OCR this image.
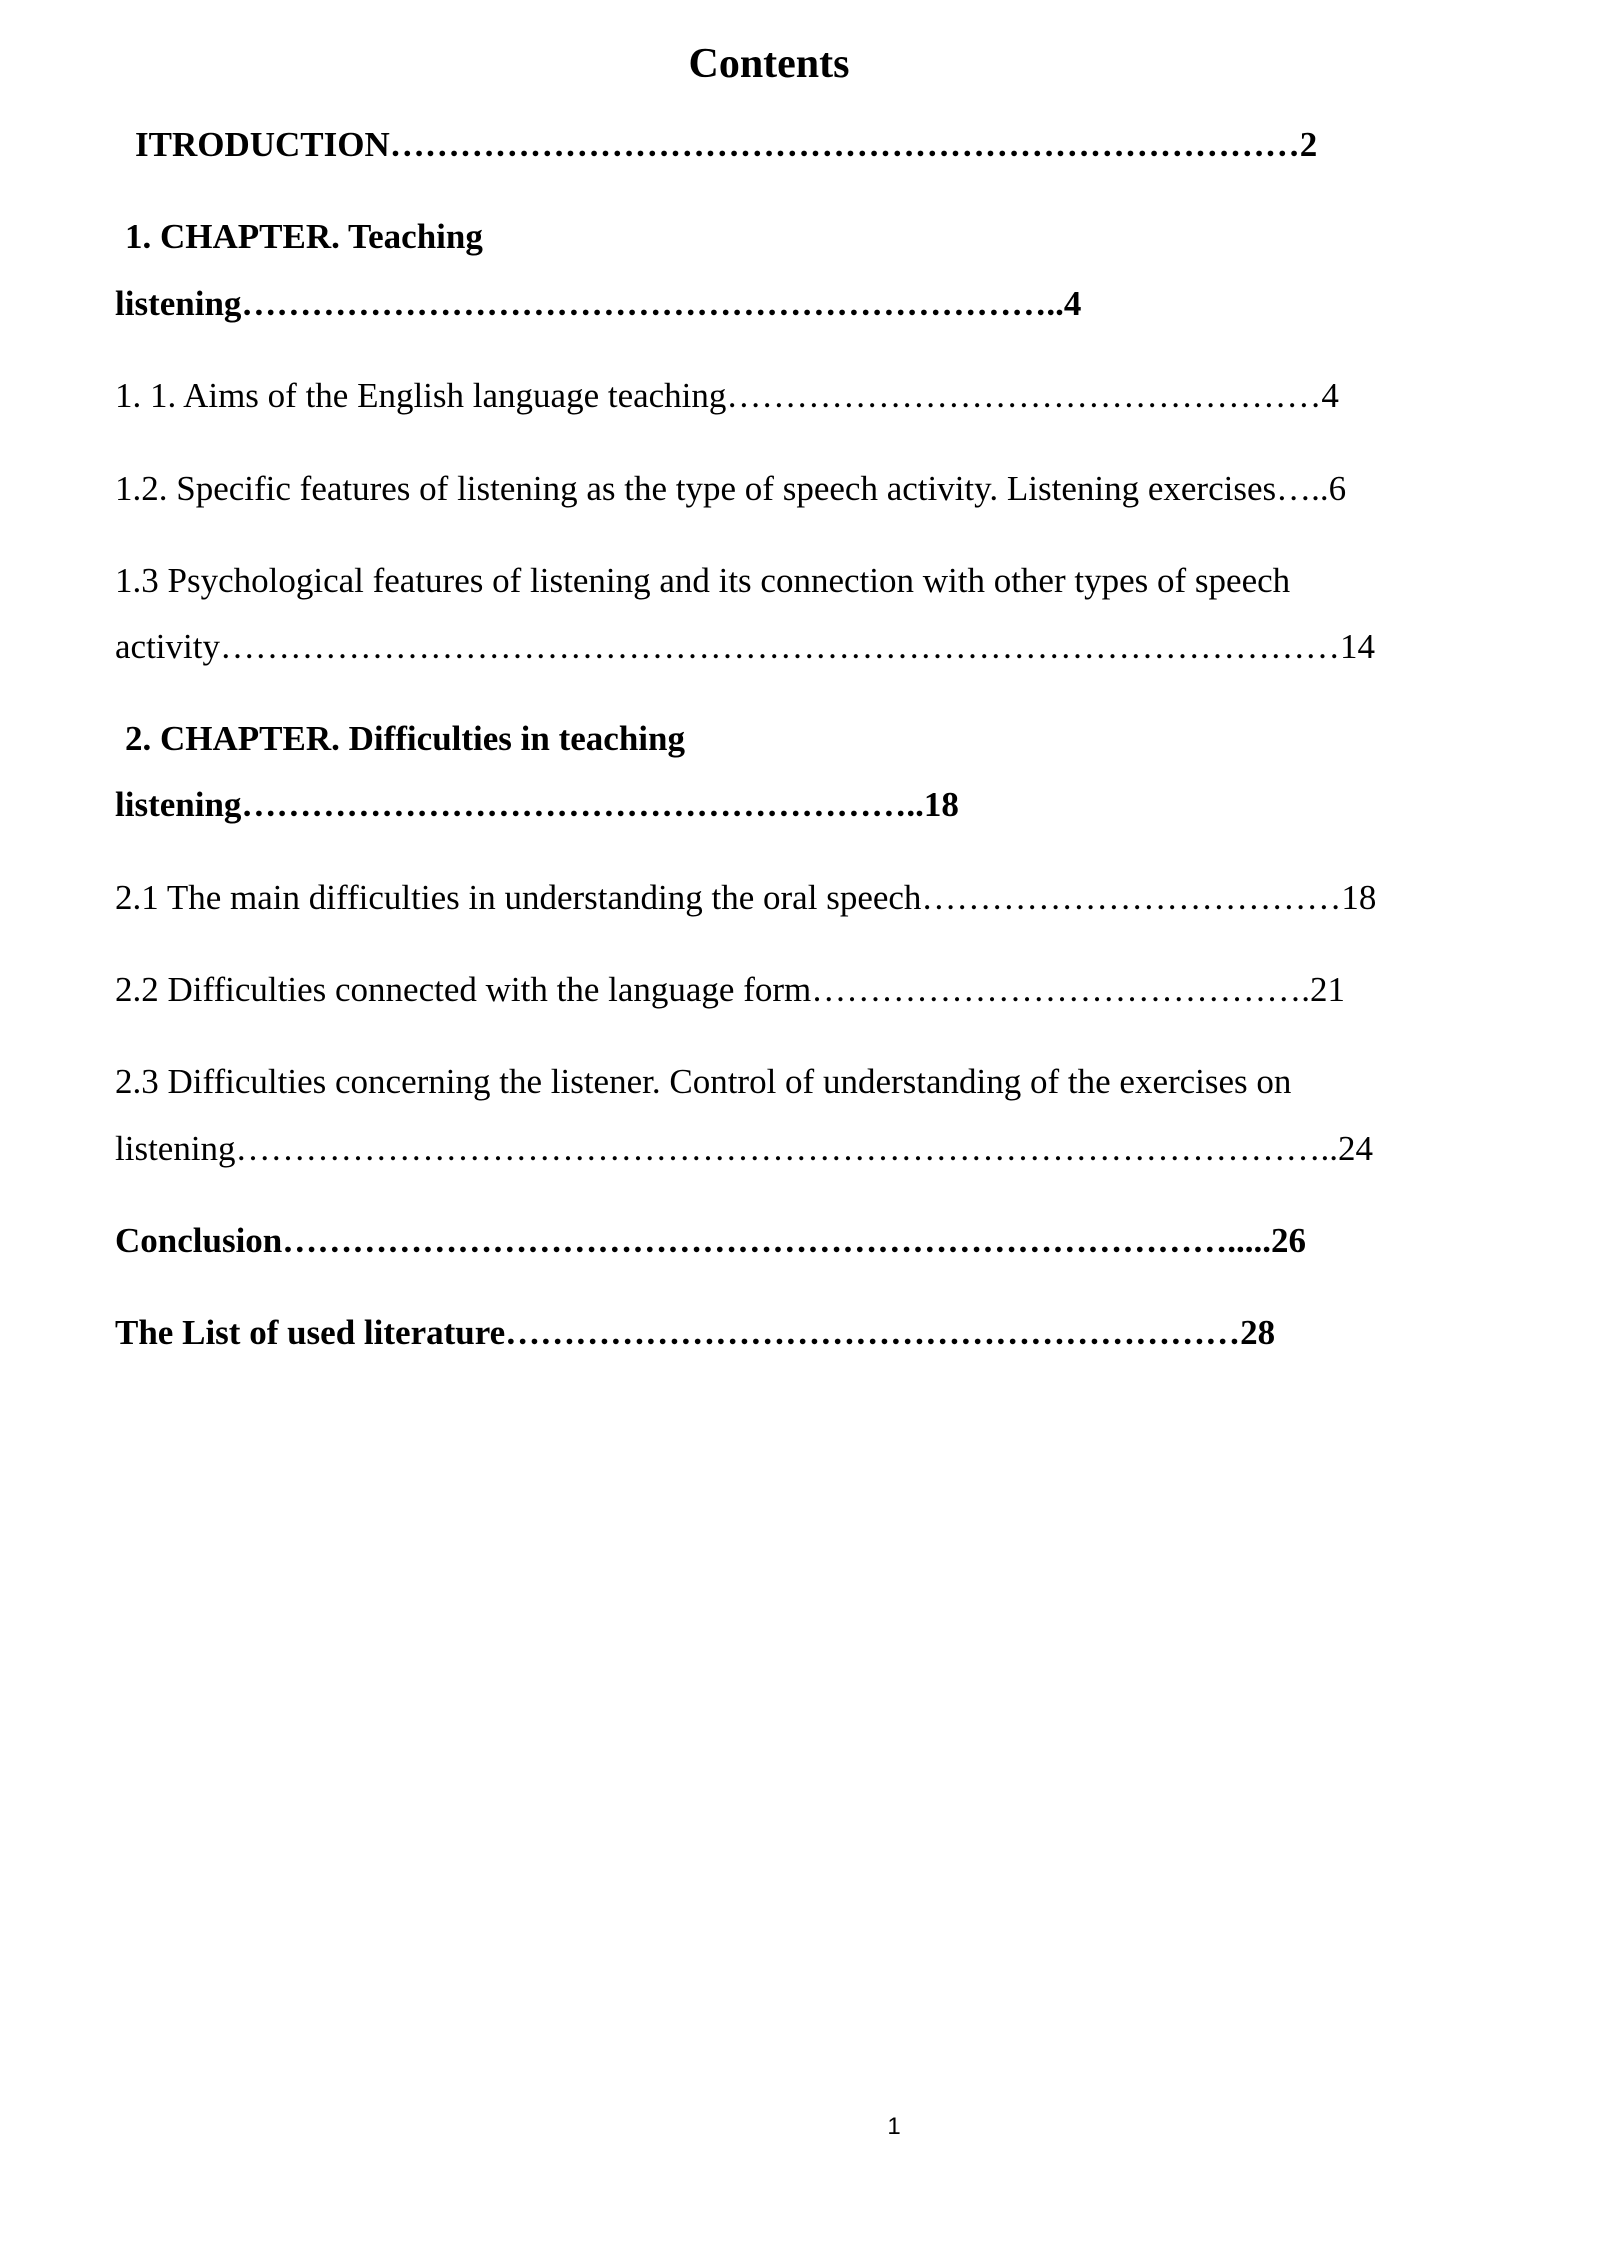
Contents
ITRODUCTION……………………………………………………………………2
1. CHAPTER. Teaching
listening……………………………………………………………..4
1. 1. Aims of the English language teaching……………………………………………4
1.2. Specific features of listening as the type of speech activity. Listening exercises…..6
1.3 Psychological features of listening and its connection with other types of speech
activity……………………………………………………………………………………14
2. CHAPTER. Difficulties in teaching
listening…………………………………………………..18
2.1 The main difficulties in understanding the oral speech………………………………18
2.2 Difficulties connected with the language form…………………………………….21
2.3 Difficulties concerning the listener. Control of understanding of the exercises on
listening…………………………………………………………………………………..24
Conclusion……………………………………………………………………….....26
The List of used literature………………………………………………………28
1
